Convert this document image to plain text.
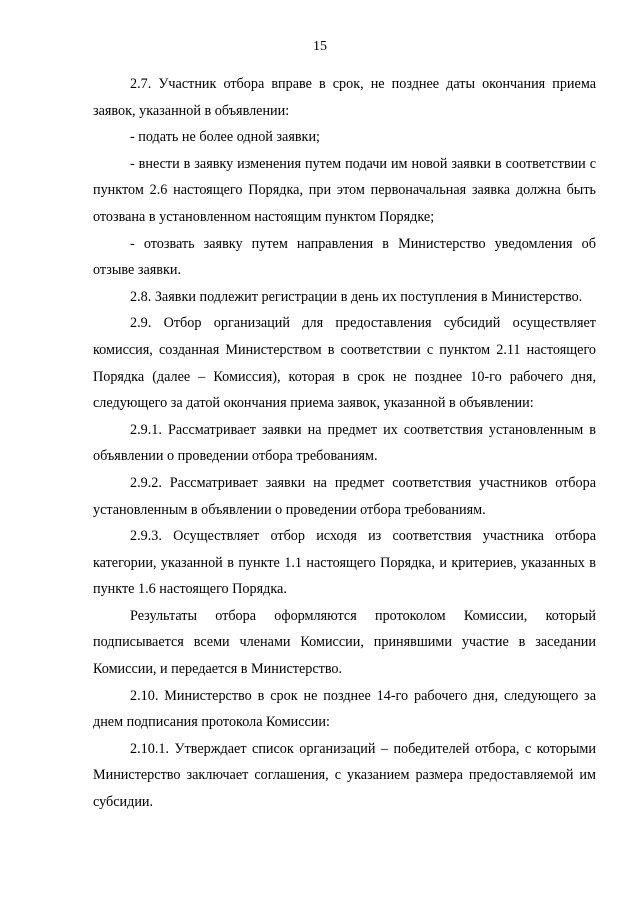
15

2.7. Участник отбора вправе в срок, не позднее даты окончания приема заявок, указанной в объявлении:

- подать не более одной заявки;

- внести в заявку изменения путем подачи им новой заявки в соответствии с пунктом 2.6 настоящего Порядка, при этом первоначальная заявка должна быть отозвана в установленном настоящим пунктом Порядке;

- отозвать заявку путем направления в Министерство уведомления об отзыве заявки.

2.8. Заявки подлежит регистрации в день их поступления в Министерство.

2.9. Отбор организаций для предоставления субсидий осуществляет комиссия, созданная Министерством в соответствии с пунктом 2.11 настоящего Порядка (далее – Комиссия), которая в срок не позднее 10-го рабочего дня, следующего за датой окончания приема заявок, указанной в объявлении:

2.9.1. Рассматривает заявки на предмет их соответствия установленным в объявлении о проведении отбора требованиям.

2.9.2. Рассматривает заявки на предмет соответствия участников отбора установленным в объявлении о проведении отбора требованиям.

2.9.3. Осуществляет отбор исходя из соответствия участника отбора категории, указанной в пункте 1.1 настоящего Порядка, и критериев, указанных в пункте 1.6 настоящего Порядка.

Результаты отбора оформляются протоколом Комиссии, который подписывается всеми членами Комиссии, принявшими участие в заседании Комиссии, и передается в Министерство.

2.10. Министерство в срок не позднее 14-го рабочего дня, следующего за днем подписания протокола Комиссии:

2.10.1. Утверждает список организаций – победителей отбора, с которыми Министерство заключает соглашения, с указанием размера предоставляемой им субсидии.
